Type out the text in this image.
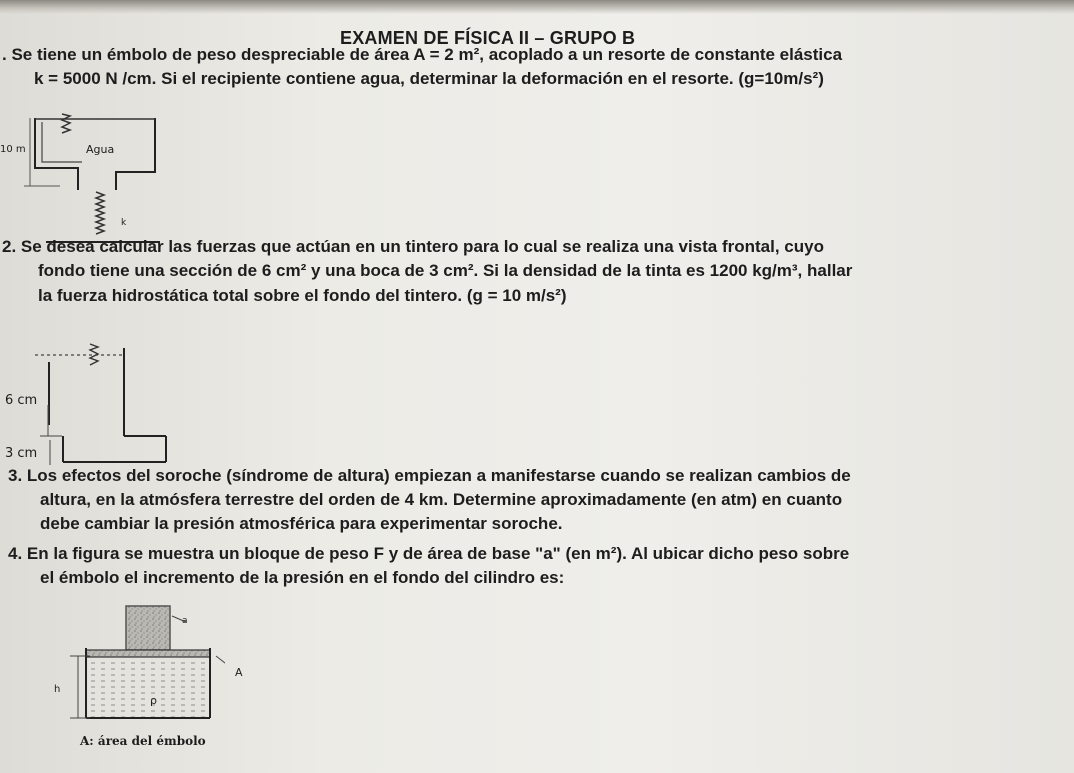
EXAMEN DE FÍSICA II – GRUPO B
. Se tiene un émbolo de peso despreciable de área A = 2 m², acoplado a un resorte de constante elástica
k = 5000 N /cm. Si el recipiente contiene agua, determinar la deformación en el resorte. (g=10m/s²)
10 m	Agua
k
2. Se desea calcular las fuerzas que actúan en un tintero para lo cual se realiza una vista frontal, cuyo
fondo tiene una sección de 6 cm² y una boca de 3 cm². Si la densidad de la tinta es 1200 kg/m³, hallar
la fuerza hidrostática total sobre el fondo del tintero. (g = 10 m/s²)
6 cm
3 cm
3. Los efectos del soroche (síndrome de altura) empiezan a manifestarse cuando se realizan cambios de
altura, en la atmósfera terrestre del orden de 4 km. Determine aproximadamente (en atm) en cuanto
debe cambiar la presión atmosférica para experimentar soroche.
4. En la figura se muestra un bloque de peso F y de área de base "a" (en m²). Al ubicar dicho peso sobre
el émbolo el incremento de la presión en el fondo del cilindro es:
a
A
h
ρ
A: área del émbolo
